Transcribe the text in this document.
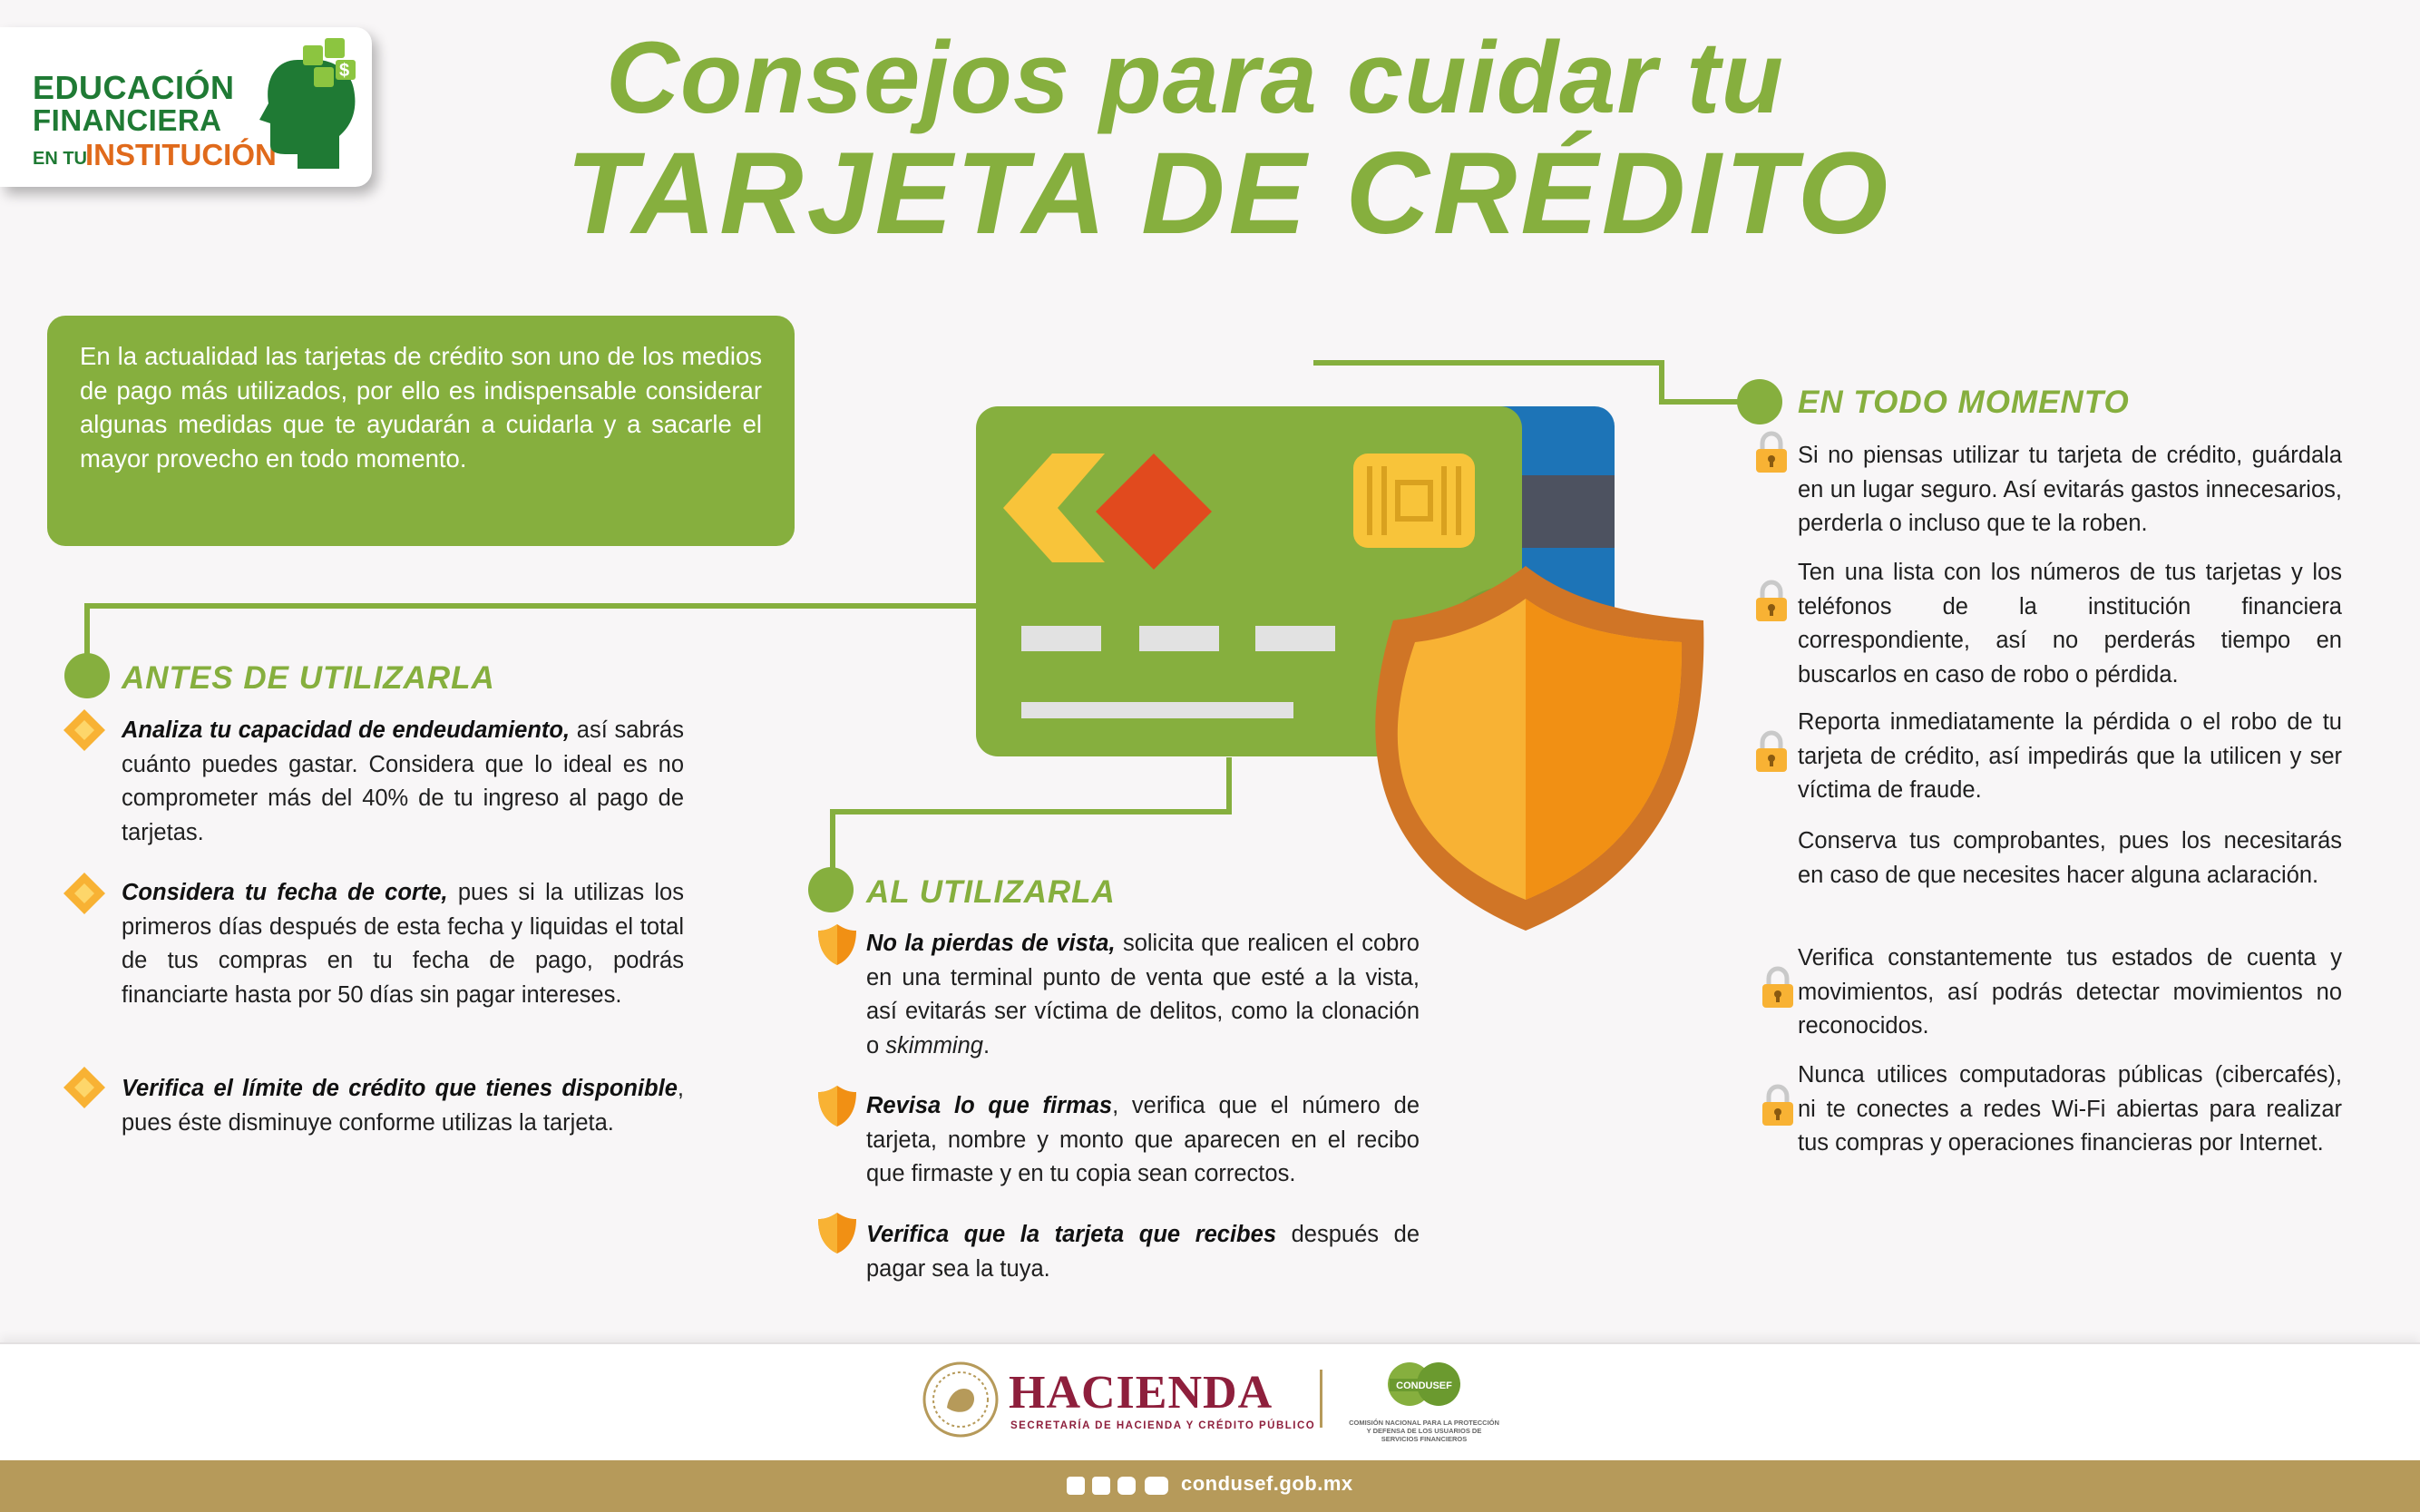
EDUCACIÓN
FINANCIERA
EN TU
INSTITUCIÓN
$	Consejos para cuidar tu
TARJETA DE CRÉDITO

En la actualidad las tarjetas de crédito son uno de los medios de pago más utilizados, por ello es indispensable considerar algunas medidas que te ayudarán a cuidarla y a sacarle el mayor provecho en todo momento.

ANTES DE UTILIZARLA

Analiza tu capacidad de endeudamiento, así sabrás cuánto puedes gastar. Considera que lo ideal es no comprometer más del 40% de tu ingreso al pago de tarjetas.

Considera tu fecha de corte, pues si la utilizas los primeros días después de esta fecha y liquidas el total de tus compras en tu fecha de pago, podrás financiarte hasta por 50 días sin pagar intereses.

Verifica el límite de crédito que tienes disponible, pues éste disminuye conforme utilizas la tarjeta.

AL UTILIZARLA

No la pierdas de vista, solicita que realicen el cobro en una terminal punto de venta que esté a la vista, así evitarás ser víctima de delitos, como la clonación o skimming.

Revisa lo que firmas, verifica que el número de tarjeta, nombre y monto que aparecen en el recibo que firmaste y en tu copia sean correctos.

Verifica que la tarjeta que recibes después de pagar sea la tuya.

EN TODO MOMENTO

Si no piensas utilizar tu tarjeta de crédito, guárdala en un lugar seguro. Así evitarás gastos innecesarios, perderla o incluso que te la roben.

Ten una lista con los números de tus tarjetas y los teléfonos de la institución financiera correspondiente, así no perderás tiempo en buscarlos en caso de robo o pérdida.

Reporta inmediatamente la pérdida o el robo de tu tarjeta de crédito, así impedirás que la utilicen y ser víctima de fraude.

Conserva tus comprobantes, pues los necesitarás en caso de que necesites hacer alguna aclaración.

Verifica constantemente tus estados de cuenta y movimientos, así podrás detectar movimientos no reconocidos.

Nunca utilices computadoras públicas (cibercafés), ni te conectes a redes Wi-Fi abiertas para realizar tus compras y operaciones financieras por Internet.

HACIENDA
SECRETARÍA DE HACIENDA Y CRÉDITO PÚBLICO
CONDUSEF
COMISIÓN NACIONAL PARA LA PROTECCIÓN Y DEFENSA DE LOS USUARIOS DE SERVICIOS FINANCIEROS
condusef.gob.mx
